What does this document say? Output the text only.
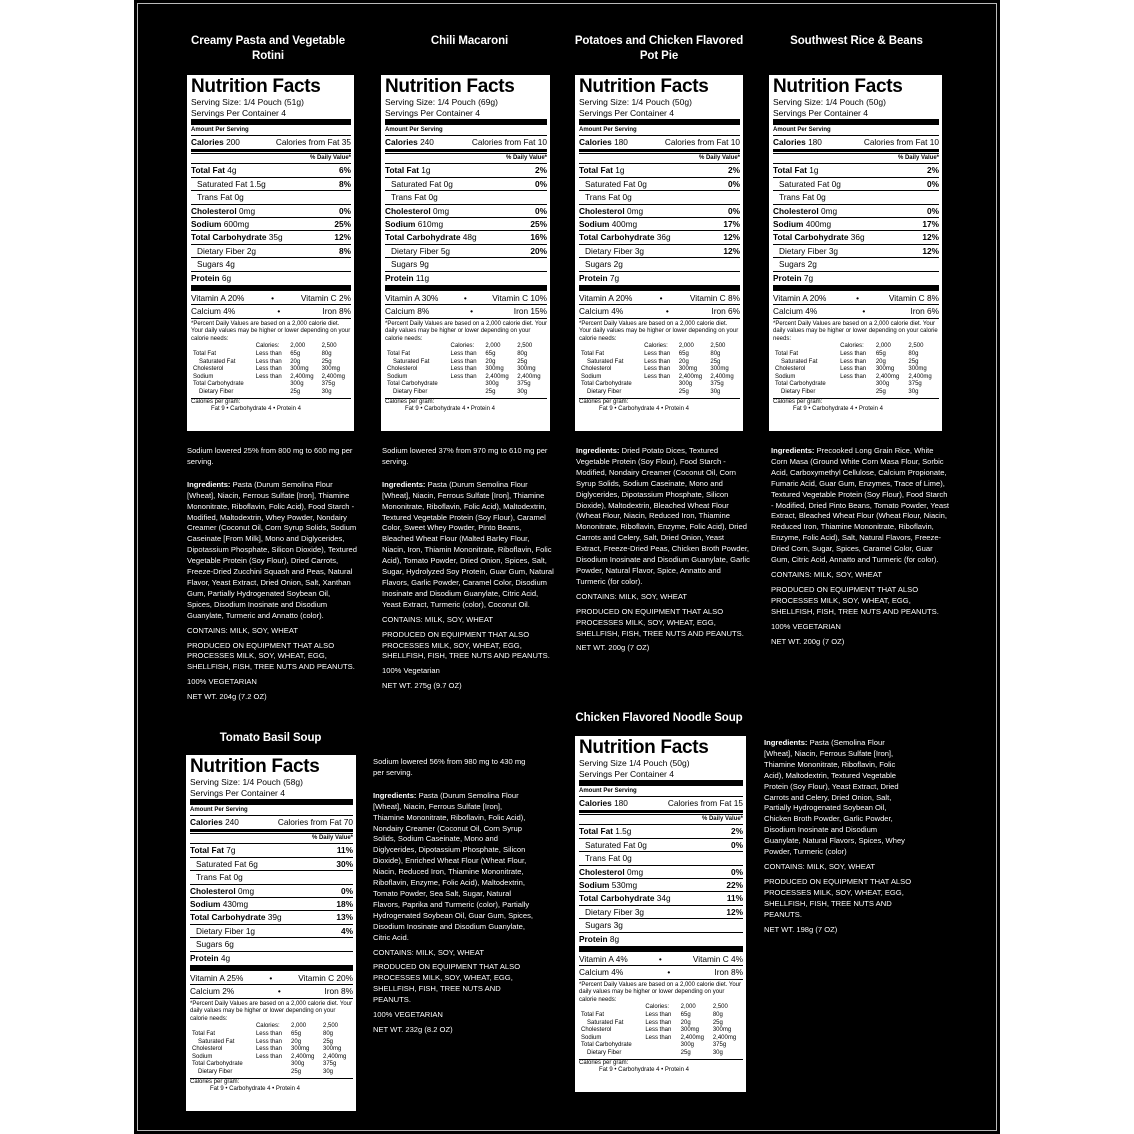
Creamy Pasta and Vegetable Rotini
Nutrition Facts
Serving Size: 1/4 Pouch (51g)
Servings Per Container 4
Amount Per Serving
Calories 200	Calories from Fat 35
% Daily Value*
Total Fat 4g	6%
Saturated Fat 1.5g	8%
Trans Fat 0g
Cholesterol 0mg	0%
Sodium 600mg	25%
Total Carbohydrate 35g	12%
Dietary Fiber 2g	8%
Sugars 4g
Protein 6g
Vitamin A 20%	•	Vitamin C 2%
Calcium 4%	•	Iron 8%
*Percent Daily Values are based on a 2,000 calorie diet. Your daily values may be higher or lower depending on your calorie needs:
	Calories:	2,000	2,500
Total Fat	Less than	65g	80g
Saturated Fat	Less than	20g	25g
Cholesterol	Less than	300mg	300mg
Sodium	Less than	2,400mg	2,400mg
Total Carbohydrate		300g	375g
Dietary Fiber		25g	30g
Calories per gram:
Fat 9 • Carbohydrate 4 • Protein 4

Sodium lowered 25% from 800 mg to 600 mg per serving.

Ingredients: Pasta (Durum Semolina Flour [Wheat], Niacin, Ferrous Sulfate [Iron], Thiamine Mononitrate, Riboflavin, Folic Acid), Food Starch - Modified, Maltodextrin, Whey Powder, Nondairy Creamer (Coconut Oil, Corn Syrup Solids, Sodium Caseinate [From Milk], Mono and Diglycerides, Dipotassium Phosphate, Silicon Dioxide), Textured Vegetable Protein (Soy Flour), Dried Carrots, Freeze-Dried Zucchini Squash and Peas, Natural Flavor, Yeast Extract, Dried Onion, Salt, Xanthan Gum, Partially Hydrogenated Soybean Oil, Spices, Disodium Inosinate and Disodium Guanylate, Turmeric and Annatto (color).

CONTAINS: MILK, SOY, WHEAT

PRODUCED ON EQUIPMENT THAT ALSO PROCESSES MILK, SOY, WHEAT, EGG, SHELLFISH, FISH, TREE NUTS AND PEANUTS.

100% VEGETARIAN

NET WT. 204g (7.2 OZ)

Chili Macaroni
Nutrition Facts
Serving Size: 1/4 Pouch (69g)
Servings Per Container 4
Amount Per Serving
Calories 240	Calories from Fat 10
% Daily Value*
Total Fat 1g	2%
Saturated Fat 0g	0%
Trans Fat 0g
Cholesterol 0mg	0%
Sodium 610mg	25%
Total Carbohydrate 48g	16%
Dietary Fiber 5g	20%
Sugars 9g
Protein 11g
Vitamin A 30%	•	Vitamin C 10%
Calcium 8%	•	Iron 15%
*Percent Daily Values are based on a 2,000 calorie diet. Your daily values may be higher or lower depending on your calorie needs:
	Calories:	2,000	2,500
Total Fat	Less than	65g	80g
Saturated Fat	Less than	20g	25g
Cholesterol	Less than	300mg	300mg
Sodium	Less than	2,400mg	2,400mg
Total Carbohydrate		300g	375g
Dietary Fiber		25g	30g
Calories per gram:
Fat 9 • Carbohydrate 4 • Protein 4

Sodium lowered 37% from 970 mg to 610 mg per serving.

Ingredients: Pasta (Durum Semolina Flour [Wheat], Niacin, Ferrous Sulfate [Iron], Thiamine Mononitrate, Riboflavin, Folic Acid), Maltodextrin, Textured Vegetable Protein (Soy Flour), Caramel Color, Sweet Whey Powder, Pinto Beans, Bleached Wheat Flour (Malted Barley Flour, Niacin, Iron, Thiamin Mononitrate, Riboflavin, Folic Acid), Tomato Powder, Dried Onion, Spices, Salt, Sugar, Hydrolyzed Soy Protein, Guar Gum, Natural Flavors, Garlic Powder, Caramel Color, Disodium Inosinate and Disodium Guanylate, Citric Acid, Yeast Extract, Turmeric (color), Coconut Oil.

CONTAINS: MILK, SOY, WHEAT

PRODUCED ON EQUIPMENT THAT ALSO PROCESSES MILK, SOY, WHEAT, EGG, SHELLFISH, FISH, TREE NUTS AND PEANUTS.

100% Vegetarian

NET WT. 275g (9.7 OZ)

Potatoes and Chicken Flavored Pot Pie
Nutrition Facts
Serving Size: 1/4 Pouch (50g)
Servings Per Container 4
Amount Per Serving
Calories 180	Calories from Fat 10
% Daily Value*
Total Fat 1g	2%
Saturated Fat 0g	0%
Trans Fat 0g
Cholesterol 0mg	0%
Sodium 400mg	17%
Total Carbohydrate 36g	12%
Dietary Fiber 3g	12%
Sugars 2g
Protein 7g
Vitamin A 20%	•	Vitamin C 8%
Calcium 4%	•	Iron 6%
*Percent Daily Values are based on a 2,000 calorie diet. Your daily values may be higher or lower depending on your calorie needs:
	Calories:	2,000	2,500
Total Fat	Less than	65g	80g
Saturated Fat	Less than	20g	25g
Cholesterol	Less than	300mg	300mg
Sodium	Less than	2,400mg	2,400mg
Total Carbohydrate		300g	375g
Dietary Fiber		25g	30g
Calories per gram:
Fat 9 • Carbohydrate 4 • Protein 4

Ingredients: Dried Potato Dices, Textured Vegetable Protein (Soy Flour), Food Starch - Modified, Nondairy Creamer (Coconut Oil, Corn Syrup Solids, Sodium Caseinate, Mono and Diglycerides, Dipotassium Phosphate, Silicon Dioxide), Maltodextrin, Bleached Wheat Flour (Wheat Flour, Niacin, Reduced Iron, Thiamine Mononitrate, Riboflavin, Enzyme, Folic Acid), Dried Carrots and Celery, Salt, Dried Onion, Yeast Extract, Freeze-Dried Peas, Chicken Broth Powder, Disodium Inosinate and Disodium Guanylate, Garlic Powder, Natural Flavor, Spice, Annatto and Turmeric (for color).

CONTAINS: MILK, SOY, WHEAT

PRODUCED ON EQUIPMENT THAT ALSO PROCESSES MILK, SOY, WHEAT, EGG, SHELLFISH, FISH, TREE NUTS AND PEANUTS.

NET WT. 200g (7 OZ)

Southwest Rice & Beans
Nutrition Facts
Serving Size: 1/4 Pouch (50g)
Servings Per Container 4
Amount Per Serving
Calories 180	Calories from Fat 10
% Daily Value*
Total Fat 1g	2%
Saturated Fat 0g	0%
Trans Fat 0g
Cholesterol 0mg	0%
Sodium 400mg	17%
Total Carbohydrate 36g	12%
Dietary Fiber 3g	12%
Sugars 2g
Protein 7g
Vitamin A 20%	•	Vitamin C 8%
Calcium 4%	•	Iron 6%
*Percent Daily Values are based on a 2,000 calorie diet. Your daily values may be higher or lower depending on your calorie needs:
	Calories:	2,000	2,500
Total Fat	Less than	65g	80g
Saturated Fat	Less than	20g	25g
Cholesterol	Less than	300mg	300mg
Sodium	Less than	2,400mg	2,400mg
Total Carbohydrate		300g	375g
Dietary Fiber		25g	30g
Calories per gram:
Fat 9 • Carbohydrate 4 • Protein 4

Ingredients: Precooked Long Grain Rice, White Corn Masa (Ground White Corn Masa Flour, Sorbic Acid, Carboxymethyl Cellulose, Calcium Propionate, Fumaric Acid, Guar Gum, Enzymes, Trace of Lime), Textured Vegetable Protein (Soy Flour), Food Starch - Modified, Dried Pinto Beans, Tomato Powder, Yeast Extract, Bleached Wheat Flour (Wheat Flour, Niacin, Reduced Iron, Thiamine Mononitrate, Riboflavin, Enzyme, Folic Acid), Salt, Natural Flavors, Freeze-Dried Corn, Sugar, Spices, Caramel Color, Guar Gum, Citric Acid, Annatto and Turmeric (for color).

CONTAINS: MILK, SOY, WHEAT

PRODUCED ON EQUIPMENT THAT ALSO PROCESSES MILK, SOY, WHEAT, EGG, SHELLFISH, FISH, TREE NUTS AND PEANUTS.

100% VEGETARIAN

NET WT. 200g (7 OZ)

Tomato Basil Soup
Nutrition Facts
Serving Size: 1/4 Pouch (58g)
Servings Per Container 4
Amount Per Serving
Calories 240	Calories from Fat 70
% Daily Value*
Total Fat 7g	11%
Saturated Fat 6g	30%
Trans Fat 0g
Cholesterol 0mg	0%
Sodium 430mg	18%
Total Carbohydrate 39g	13%
Dietary Fiber 1g	4%
Sugars 6g
Protein 4g
Vitamin A 25%	•	Vitamin C 20%
Calcium 2%	•	Iron 8%
*Percent Daily Values are based on a 2,000 calorie diet. Your daily values may be higher or lower depending on your calorie needs:
	Calories:	2,000	2,500
Total Fat	Less than	65g	80g
Saturated Fat	Less than	20g	25g
Cholesterol	Less than	300mg	300mg
Sodium	Less than	2,400mg	2,400mg
Total Carbohydrate		300g	375g
Dietary Fiber		25g	30g
Calories per gram:
Fat 9 • Carbohydrate 4 • Protein 4

Sodium lowered 56% from 980 mg to 430 mg per serving.

Ingredients: Pasta (Durum Semolina Flour [Wheat], Niacin, Ferrous Sulfate [Iron], Thiamine Mononitrate, Riboflavin, Folic Acid), Nondairy Creamer (Coconut Oil, Corn Syrup Solids, Sodium Caseinate, Mono and Diglycerides, Dipotassium Phosphate, Silicon Dioxide), Enriched Wheat Flour (Wheat Flour, Niacin, Reduced Iron, Thiamine Mononitrate, Riboflavin, Enzyme, Folic Acid), Maltodextrin, Tomato Powder, Sea Salt, Sugar, Natural Flavors, Paprika and Turmeric (color), Partially Hydrogenated Soybean Oil, Guar Gum, Spices, Disodium Inosinate and Disodium Guanylate, Citric Acid.

CONTAINS: MILK, SOY, WHEAT

PRODUCED ON EQUIPMENT THAT ALSO PROCESSES MILK, SOY, WHEAT, EGG, SHELLFISH, FISH, TREE NUTS AND PEANUTS.

100% VEGETARIAN

NET WT. 232g (8.2 OZ)

Chicken Flavored Noodle Soup
Nutrition Facts
Serving Size 1/4 Pouch (50g)
Servings Per Container 4
Amount Per Serving
Calories 180	Calories from Fat 15
% Daily Value*
Total Fat 1.5g	2%
Saturated Fat 0g	0%
Trans Fat 0g
Cholesterol 0mg	0%
Sodium 530mg	22%
Total Carbohydrate 34g	11%
Dietary Fiber 3g	12%
Sugars 3g
Protein 8g
Vitamin A 4%	•	Vitamin C 4%
Calcium 4%	•	Iron 8%
*Percent Daily Values are based on a 2,000 calorie diet. Your daily values may be higher or lower depending on your calorie needs:
	Calories:	2,000	2,500
Total Fat	Less than	65g	80g
Saturated Fat	Less than	20g	25g
Cholesterol	Less than	300mg	300mg
Sodium	Less than	2,400mg	2,400mg
Total Carbohydrate		300g	375g
Dietary Fiber		25g	30g
Calories per gram:
Fat 9 • Carbohydrate 4 • Protein 4

Ingredients: Pasta (Semolina Flour [Wheat], Niacin, Ferrous Sulfate [Iron], Thiamine Mononitrate, Riboflavin, Folic Acid), Maltodextrin, Textured Vegetable Protein (Soy Flour), Yeast Extract, Dried Carrots and Celery, Dried Onion, Salt, Partially Hydrogenated Soybean Oil, Chicken Broth Powder, Garlic Powder, Disodium Inosinate and Disodium Guanylate, Natural Flavors, Spices, Whey Powder, Turmeric (color)

CONTAINS: MILK, SOY, WHEAT

PRODUCED ON EQUIPMENT THAT ALSO PROCESSES MILK, SOY, WHEAT, EGG, SHELLFISH, FISH, TREE NUTS AND PEANUTS.

NET WT. 198g (7 OZ)
